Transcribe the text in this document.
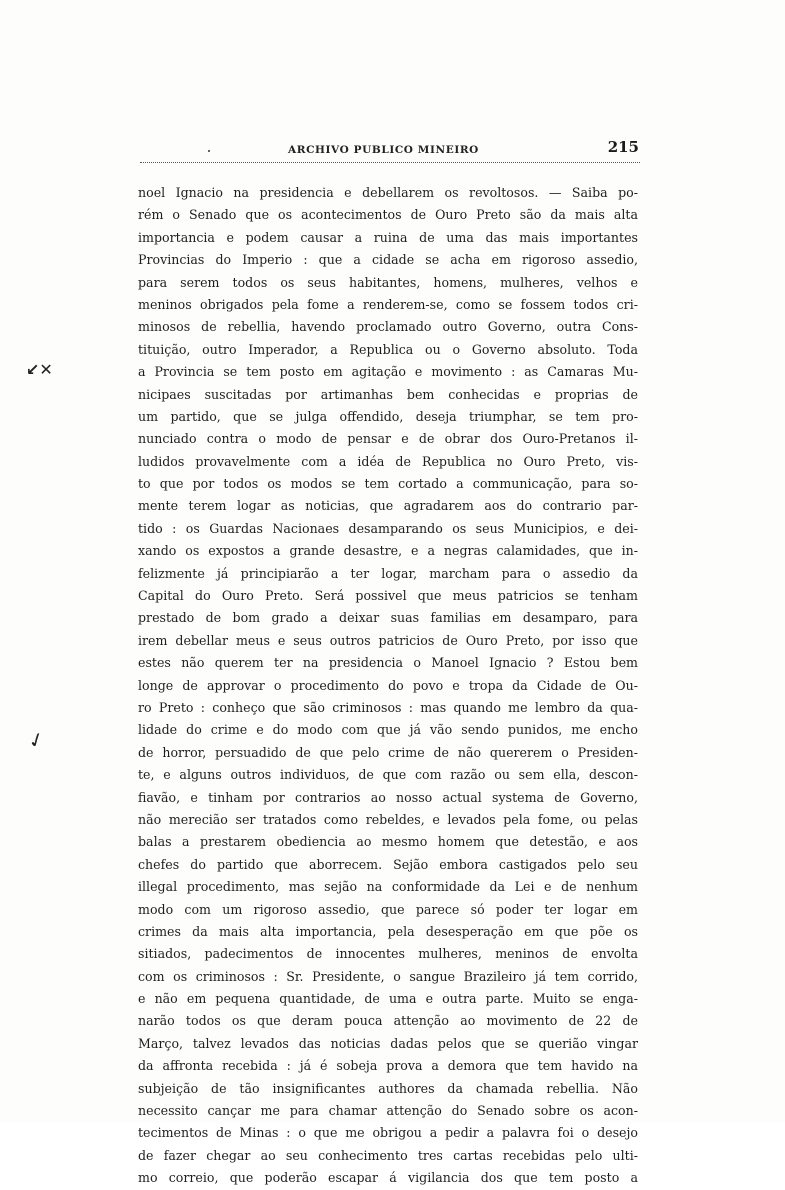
ARCHIVO PUBLICO MINEIRO	215
↙✕
✓
noel Ignacio na presidencia e debellarem os revoltosos. — Saiba po-
rém o Senado que os acontecimentos de Ouro Preto são da mais alta
importancia e podem causar a ruina de uma das mais importantes
Provincias do Imperio : que a cidade se acha em rigoroso assedio,
para serem todos os seus habitantes, homens, mulheres, velhos e
meninos obrigados pela fome a renderem-se, como se fossem todos cri-
minosos de rebellia, havendo proclamado outro Governo, outra Cons-
tituição, outro Imperador, a Republica ou o Governo absoluto. Toda
a Provincia se tem posto em agitação e movimento : as Camaras Mu-
nicipaes suscitadas por artimanhas bem conhecidas e proprias de
um partido, que se julga offendido, deseja triumphar, se tem pro-
nunciado contra o modo de pensar e de obrar dos Ouro-Pretanos il-
ludidos provavelmente com a idéa de Republica no Ouro Preto, vis-
to que por todos os modos se tem cortado a communicação, para so-
mente terem logar as noticias, que agradarem aos do contrario par-
tido : os Guardas Nacionaes desamparando os seus Municipios, e dei-
xando os expostos a grande desastre, e a negras calamidades, que in-
felizmente já principiarão a ter logar, marcham para o assedio da
Capital do Ouro Preto. Será possivel que meus patricios se tenham
prestado de bom grado a deixar suas familias em desamparo, para
irem debellar meus e seus outros patricios de Ouro Preto, por isso que
estes não querem ter na presidencia o Manoel Ignacio ? Estou bem
longe de approvar o procedimento do povo e tropa da Cidade de Ou-
ro Preto : conheço que são criminosos : mas quando me lembro da qua-
lidade do crime e do modo com que já vão sendo punidos, me encho
de horror, persuadido de que pelo crime de não quererem o Presiden-
te, e alguns outros individuos, de que com razão ou sem ella, descon-
fiavão, e tinham por contrarios ao nosso actual systema de Governo,
não merecião ser tratados como rebeldes, e levados pela fome, ou pelas
balas a prestarem obediencia ao mesmo homem que detestão, e aos
chefes do partido que aborrecem. Sejão embora castigados pelo seu
illegal procedimento, mas sejão na conformidade da Lei e de nenhum
modo com um rigoroso assedio, que parece só poder ter logar em
crimes da mais alta importancia, pela desesperação em que põe os
sitiados, padecimentos de innocentes mulheres, meninos de envolta
com os criminosos : Sr. Presidente, o sangue Brazileiro já tem corrido,
e não em pequena quantidade, de uma e outra parte. Muito se enga-
narão todos os que deram pouca attenção ao movimento de 22 de
Março, talvez levados das noticias dadas pelos que se querião vingar
da affronta recebida : já é sobeja prova a demora que tem havido na
subjeição de tão insignificantes authores da chamada rebellia. Não
necessito cançar me para chamar attenção do Senado sobre os acon-
tecimentos de Minas : o que me obrigou a pedir a palavra foi o desejo
de fazer chegar ao seu conhecimento tres cartas recebidas pelo ulti-
mo correio, que poderão escapar á vigilancia dos que tem posto a
